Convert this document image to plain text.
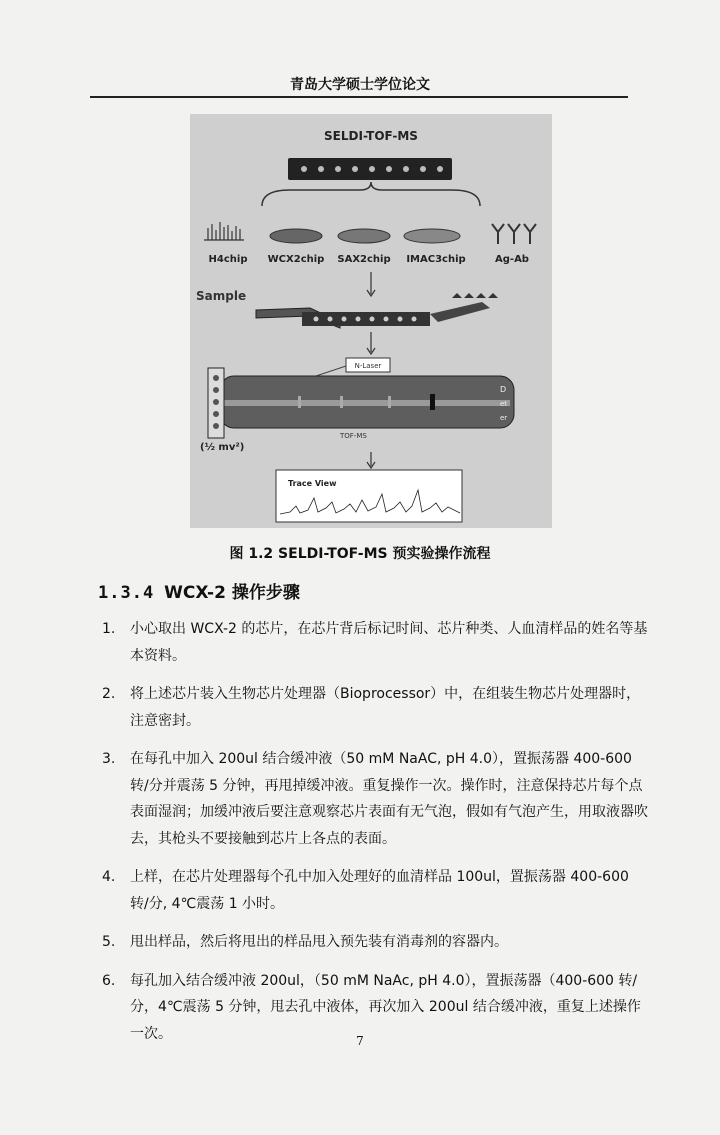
青岛大学硕士学位论文
SELDI-TOF-MS
H4chip WCX2chip SAX2chip IMAC3chip	Ag-Ab
Sample
N-Laser
D
et
er
TOF-MS
(½ mv²)
Trace View
图 1.2 SELDI-TOF-MS 预实验操作流程
1.3.4 WCX-2 操作步骤
1. 小心取出 WCX-2 的芯片，在芯片背后标记时间、芯片种类、人血清样品的姓名等基本资料。
2. 将上述芯片装入生物芯片处理器（Bioprocessor）中，在组装生物芯片处理器时，注意密封。
3. 在每孔中加入 200ul 结合缓冲液（50 mM NaAC, pH 4.0），置振荡器 400-600 转/分并震荡 5 分钟，再甩掉缓冲液。重复操作一次。操作时，注意保持芯片每个点表面湿润；加缓冲液后要注意观察芯片表面有无气泡，假如有气泡产生，用取液器吹去，其枪头不要接触到芯片上各点的表面。
4. 上样，在芯片处理器每个孔中加入处理好的血清样品 100ul，置振荡器 400-600 转/分, 4℃震荡 1 小时。
5. 甩出样品，然后将甩出的样品甩入预先装有消毒剂的容器内。
6. 每孔加入结合缓冲液 200ul，（50 mM NaAc, pH 4.0），置振荡器（400-600 转/分，4℃震荡 5 分钟，甩去孔中液体，再次加入 200ul 结合缓冲液，重复上述操作一次。	7
